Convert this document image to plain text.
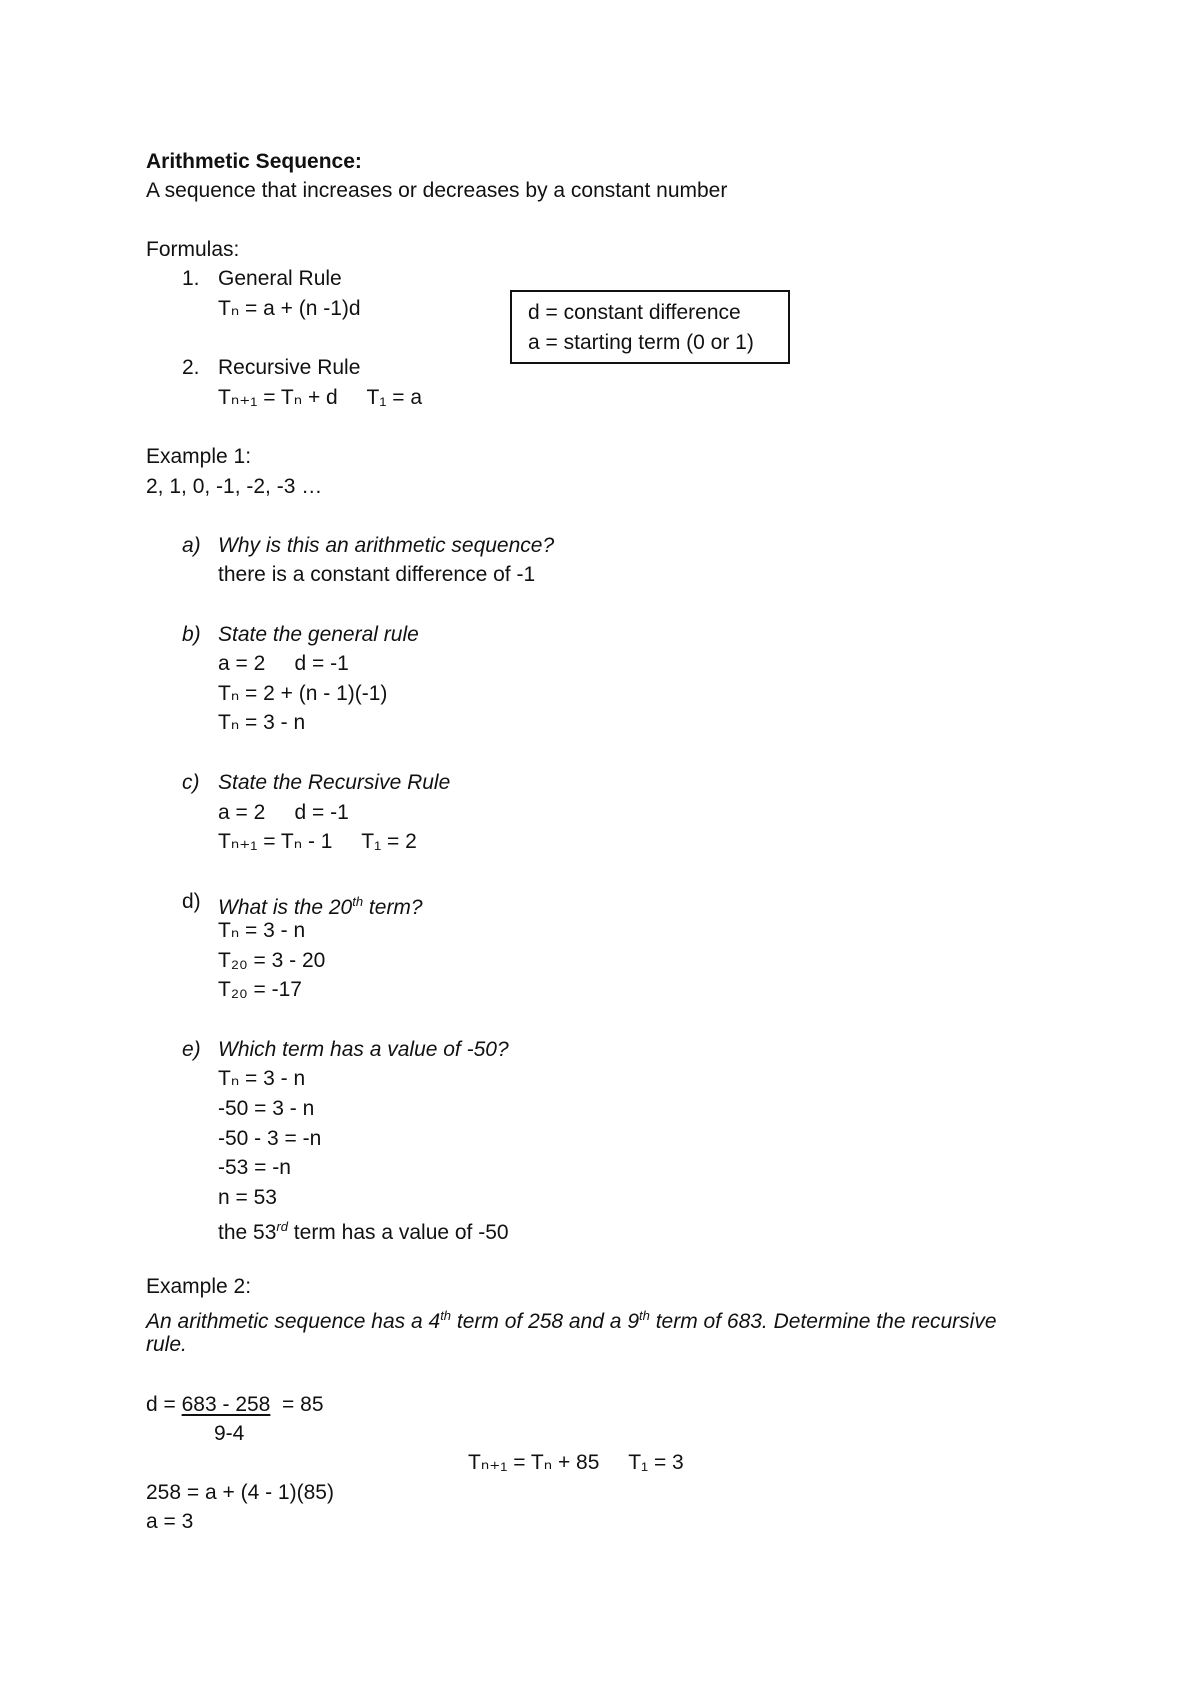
Arithmetic Sequence:
A sequence that increases or decreases by a constant number
Formulas:
1. General Rule
Tₙ = a + (n -1)d
2. Recursive Rule
Tₙ₊₁ = Tₙ + d     T₁ = a
d = constant difference
a = starting term (0 or 1)
Example 1:
2, 1, 0, -1, -2, -3 …
a) Why is this an arithmetic sequence?
there is a constant difference of -1
b) State the general rule
a = 2     d = -1
Tₙ = 2 + (n - 1)(-1)
Tₙ = 3 - n
c) State the Recursive Rule
a = 2     d = -1
Tₙ₊₁ = Tₙ - 1     T₁ = 2
d) What is the 20th term?
Tₙ = 3 - n
T₂₀ = 3 - 20
T₂₀ = -17
e) Which term has a value of -50?
Tₙ = 3 - n
-50 = 3 - n
-50 - 3 = -n
-53 = -n
n = 53
the 53rd term has a value of -50
Example 2:
An arithmetic sequence has a 4th term of 258 and a 9th term of 683. Determine the recursive
rule.
d = 683 - 258  = 85
9-4
Tₙ₊₁ = Tₙ + 85     T₁ = 3
258 = a + (4 - 1)(85)
a = 3
